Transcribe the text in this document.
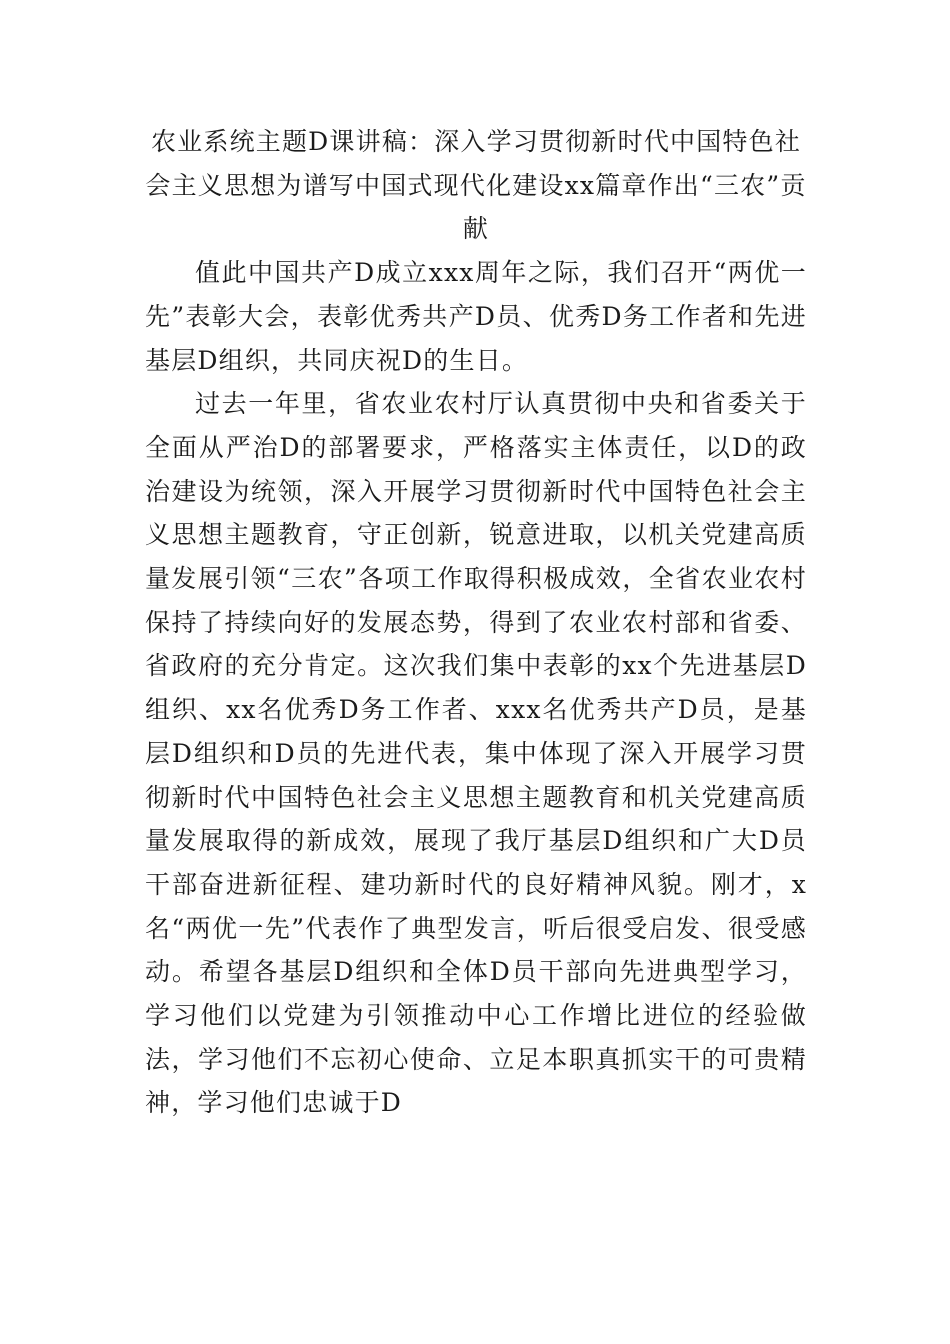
农业系统主题D课讲稿：深入学习贯彻新时代中国特色社会主义思想为谱写中国式现代化建设xx篇章作出“三农”贡献

值此中国共产D成立xxx周年之际，我们召开“两优一先”表彰大会，表彰优秀共产D员、优秀D务工作者和先进基层D组织，共同庆祝D的生日。

过去一年里，省农业农村厅认真贯彻中央和省委关于全面从严治D的部署要求，严格落实主体责任，以D的政治建设为统领，深入开展学习贯彻新时代中国特色社会主义思想主题教育，守正创新，锐意进取，以机关党建高质量发展引领“三农”各项工作取得积极成效，全省农业农村保持了持续向好的发展态势，得到了农业农村部和省委、省政府的充分肯定。这次我们集中表彰的xx个先进基层D组织、xx名优秀D务工作者、xxx名优秀共产D员，是基层D组织和D员的先进代表，集中体现了深入开展学习贯彻新时代中国特色社会主义思想主题教育和机关党建高质量发展取得的新成效，展现了我厅基层D组织和广大D员干部奋进新征程、建功新时代的良好精神风貌。刚才，x名“两优一先”代表作了典型发言，听后很受启发、很受感动。希望各基层D组织和全体D员干部向先进典型学习，学习他们以党建为引领推动中心工作增比进位的经验做法，学习他们不忘初心使命、立足本职真抓实干的可贵精神，学习他们忠诚于D
